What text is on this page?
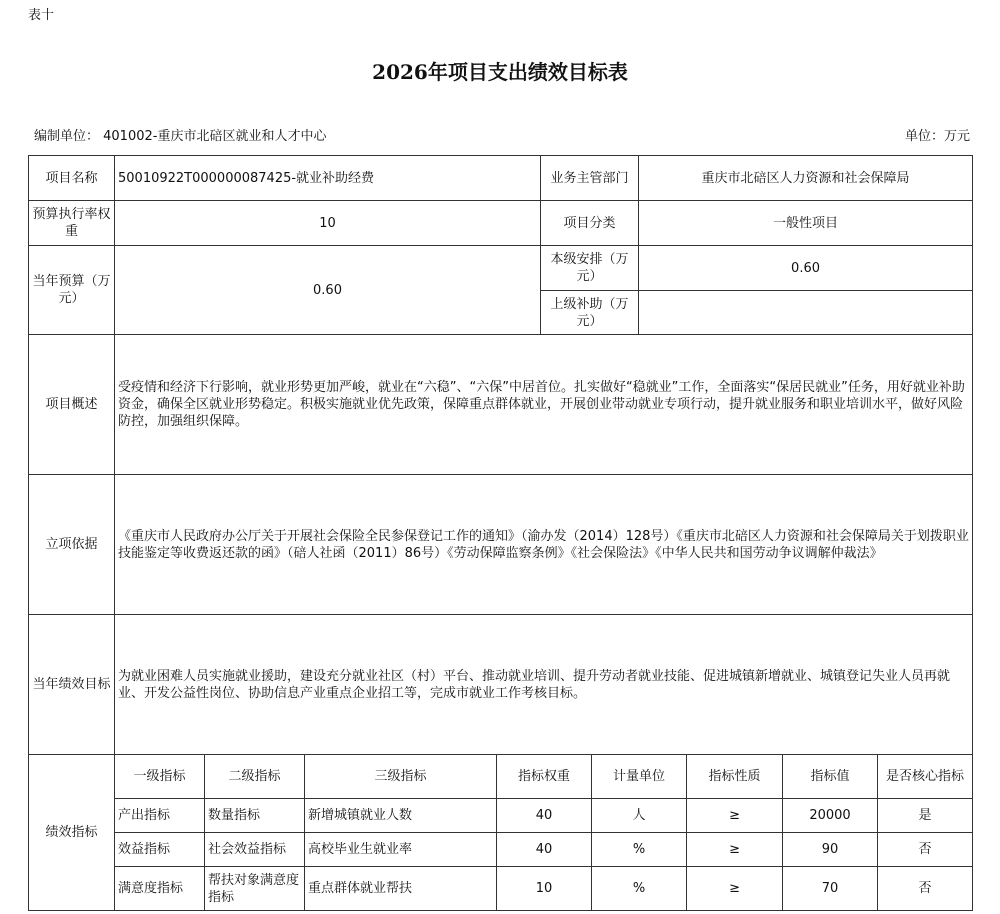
表十
2026年项目支出绩效目标表
编制单位： 401002-重庆市北碚区就业和人才中心	单位：万元
项目名称	50010922T000000087425-就业补助经费				业务主管部门		重庆市北碚区人力资源和社会保障局			
预算执行率权重	10				项目分类		一般性项目			
当年预算（万元）	0.60				本级安排（万元）		0.60			
					上级补助（万元）					
项目概述	受疫情和经济下行影响，就业形势更加严峻，就业在“六稳”、“六保”中居首位。扎实做好“稳就业”工作，全面落实“保居民就业”任务，用好就业补助资金，确保全区就业形势稳定。积极实施就业优先政策，保障重点群体就业，开展创业带动就业专项行动，提升就业服务和职业培训水平，做好风险防控，加强组织保障。									
立项依据	《重庆市人民政府办公厅关于开展社会保险全民参保登记工作的通知》（渝办发（2014）128号）《重庆市北碚区人力资源和社会保障局关于划拨职业技能鉴定等收费返还款的函》（碚人社函（2011）86号）《劳动保障监察条例》《社会保险法》《中华人民共和国劳动争议调解仲裁法》									
当年绩效目标	为就业困难人员实施就业援助，建设充分就业社区（村）平台、推动就业培训、提升劳动者就业技能、促进城镇新增就业、城镇登记失业人员再就业、开发公益性岗位、协助信息产业重点企业招工等，完成市就业工作考核目标。									
绩效指标	一级指标	二级指标	三级指标	指标权重		计量单位		指标性质	指标值	是否核心指标
	产出指标	数量指标	新增城镇就业人数	40		人		≥	20000	是
	效益指标	社会效益指标	高校毕业生就业率	40		%		≥	90	否
	满意度指标	帮扶对象满意度指标	重点群体就业帮扶	10		%		≥	70	否
